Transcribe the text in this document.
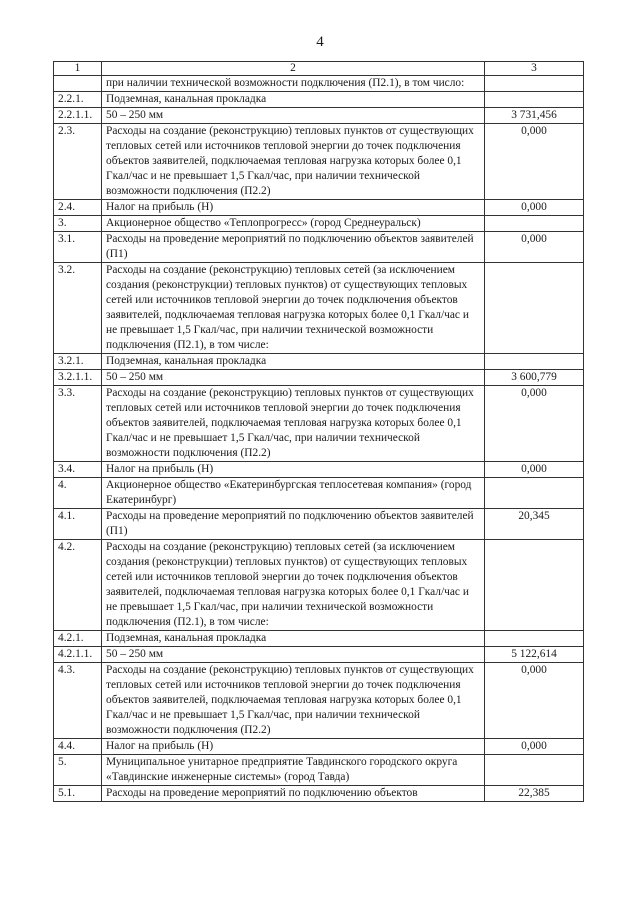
4
1	2	3
	при наличии технической возможности подключения (П2.1), в том число:	
2.2.1.	Подземная, канальная прокладка	
2.2.1.1.	50 – 250 мм	3 731,456
2.3.	Расходы на создание (реконструкцию) тепловых пунктов от существующих тепловых сетей или источников тепловой энергии до точек подключения объектов заявителей, подключаемая тепловая нагрузка которых более 0,1 Гкал/час и не превышает 1,5 Гкал/час, при наличии технической возможности подключения (П2.2)	0,000
2.4.	Налог на прибыль (Н)	0,000
3.	Акционерное общество «Теплопрогресс» (город Среднеуральск)	
3.1.	Расходы на проведение мероприятий по подключению объектов заявителей (П1)	0,000
3.2.	Расходы на создание (реконструкцию) тепловых сетей (за исключением создания (реконструкции) тепловых пунктов) от существующих тепловых сетей или источников тепловой энергии до точек подключения объектов заявителей, подключаемая тепловая нагрузка которых более 0,1 Гкал/час и не превышает 1,5 Гкал/час, при наличии технической возможности подключения (П2.1), в том числе:	
3.2.1.	Подземная, канальная прокладка	
3.2.1.1.	50 – 250 мм	3 600,779
3.3.	Расходы на создание (реконструкцию) тепловых пунктов от существующих тепловых сетей или источников тепловой энергии до точек подключения объектов заявителей, подключаемая тепловая нагрузка которых более 0,1 Гкал/час и не превышает 1,5 Гкал/час, при наличии технической возможности подключения (П2.2)	0,000
3.4.	Налог на прибыль (Н)	0,000
4.	Акционерное общество «Екатеринбургская теплосетевая компания» (город Екатеринбург)	
4.1.	Расходы на проведение мероприятий по подключению объектов заявителей (П1)	20,345
4.2.	Расходы на создание (реконструкцию) тепловых сетей (за исключением создания (реконструкции) тепловых пунктов) от существующих тепловых сетей или источников тепловой энергии до точек подключения объектов заявителей, подключаемая тепловая нагрузка которых более 0,1 Гкал/час и не превышает 1,5 Гкал/час, при наличии технической возможности подключения (П2.1), в том числе:	
4.2.1.	Подземная, канальная прокладка	
4.2.1.1.	50 – 250 мм	5 122,614
4.3.	Расходы на создание (реконструкцию) тепловых пунктов от существующих тепловых сетей или источников тепловой энергии до точек подключения объектов заявителей, подключаемая тепловая нагрузка которых более 0,1 Гкал/час и не превышает 1,5 Гкал/час, при наличии технической возможности подключения (П2.2)	0,000
4.4.	Налог на прибыль (Н)	0,000
5.	Муниципальное унитарное предприятие Тавдинского городского округа «Тавдинские инженерные системы» (город Тавда)	
5.1.	Расходы на проведение мероприятий по подключению объектов	22,385
